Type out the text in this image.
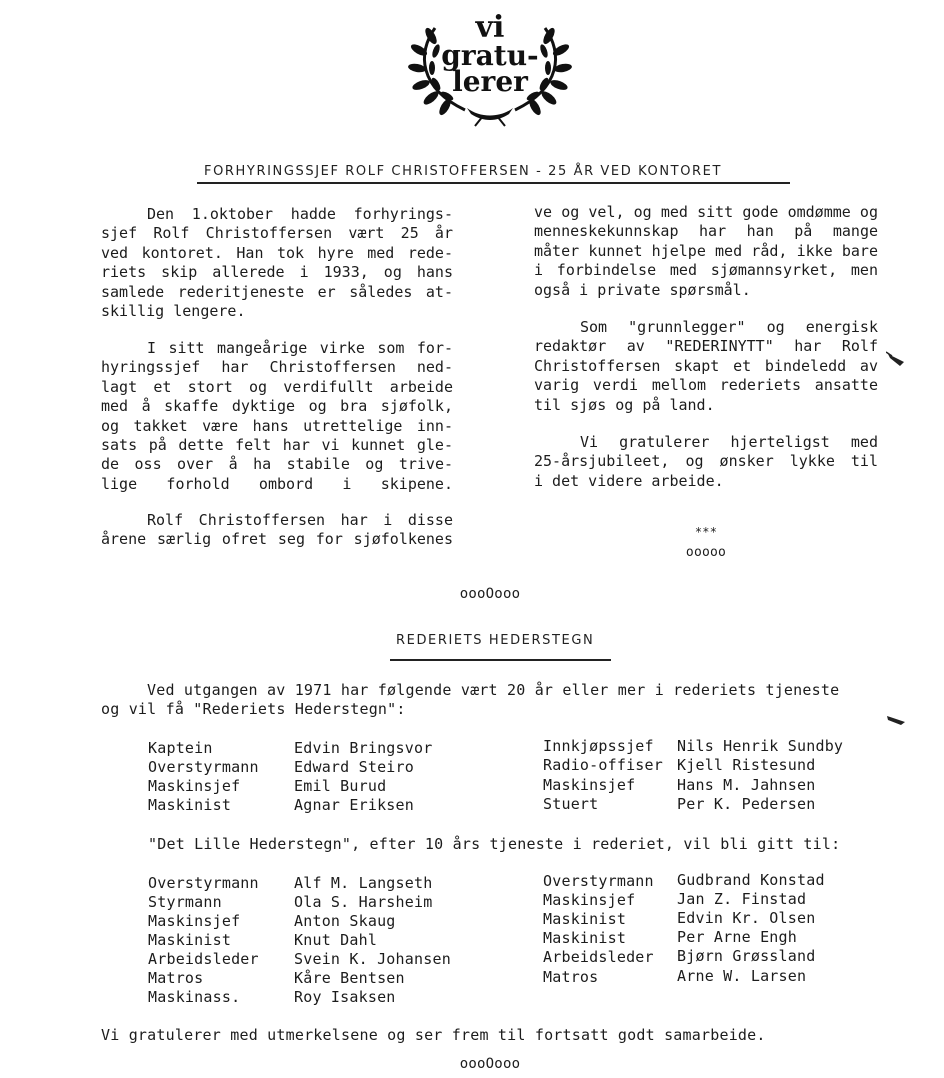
vi
gratu-
lerer
FORHYRINGSSJEF ROLF CHRISTOFFERSEN - 25 ÅR VED KONTORET
Den 1.oktober hadde forhyrings-
sjef Rolf Christoffersen vært 25 år
ved kontoret. Han tok hyre med rede-
riets skip allerede i 1933, og hans
samlede rederitjeneste er således at-
skillig lengere.
I sitt mangeårige virke som for-
hyringssjef har Christoffersen ned-
lagt et stort og verdifullt arbeide
med å skaffe dyktige og bra sjøfolk,
og takket være hans utrettelige inn-
sats på dette felt har vi kunnet gle-
de oss over å ha stabile og trive-
lige forhold ombord i skipene.
Rolf Christoffersen har i disse
årene særlig ofret seg for sjøfolkenes
ve og vel, og med sitt gode omdømme og
menneskekunnskap har han på mange
måter kunnet hjelpe med råd, ikke bare
i forbindelse med sjømannsyrket, men
også i private spørsmål.
Som "grunnlegger" og energisk
redaktør av "REDERINYTT" har Rolf
Christoffersen skapt et bindeledd av
varig verdi mellom rederiets ansatte
til sjøs og på land.
Vi gratulerer hjerteligst med
25-årsjubileet, og ønsker lykke til
i det videre arbeide.
***
ooooo
oooOooo
REDERIETS HEDERSTEGN
Ved utgangen av 1971 har følgende vært 20 år eller mer i rederiets tjeneste
og vil få "Rederiets Hederstegn":
Kaptein	Edvin Bringsvor
Overstyrmann Edward Steiro
Maskinsjef	Emil Burud
Maskinist	Agnar Eriksen
Innkjøpssjef Nils Henrik Sundby
Radio-offiser Kjell Ristesund
Maskinsjef	Hans M. Jahnsen
Stuert	Per K. Pedersen
"Det Lille Hederstegn", efter 10 års tjeneste i rederiet, vil bli gitt til:
Overstyrmann Alf M. Langseth
Styrmann	Ola S. Harsheim
Maskinsjef	Anton Skaug
Maskinist	Knut Dahl
Arbeidsleder Svein K. Johansen
Matros	Kåre Bentsen
Maskinass.	Roy Isaksen
Overstyrmann Gudbrand Konstad
Maskinsjef	Jan Z. Finstad
Maskinist	Edvin Kr. Olsen
Maskinist	Per Arne Engh
Arbeidsleder Bjørn Grøssland
Matros	Arne W. Larsen
Vi gratulerer med utmerkelsene og ser frem til fortsatt godt samarbeide.
oooOooo
